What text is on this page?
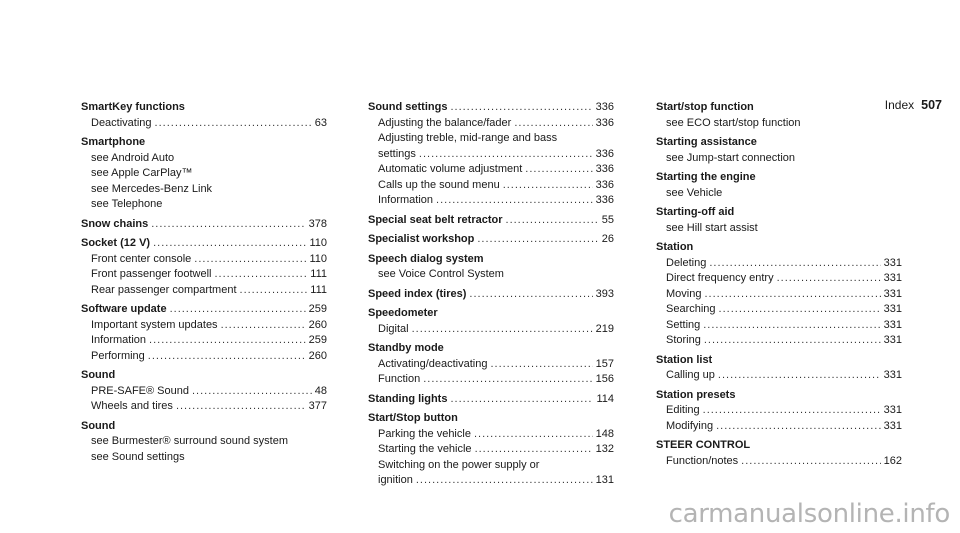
Index 507
SmartKey functions
Deactivating .....	63
Smartphone
see Android Auto
see Apple CarPlay™
see Mercedes-Benz Link
see Telephone
Snow chains .....	378
Socket (12 V) .....	110
Front center console .....	110
Front passenger footwell .....	111
Rear passenger compartment .....	111
Software update .....	259
Important system updates .....	260
Information .....	259
Performing .....	260
Sound
PRE-SAFE® Sound .....	48
Wheels and tires .....	377
Sound
see Burmester® surround sound system
see Sound settings
Sound settings .....	336
Adjusting the balance/fader .....	336
Adjusting treble, mid-range and bass
settings .....	336
Automatic volume adjustment .....	336
Calls up the sound menu .....	336
Information .....	336
Special seat belt retractor .....	55
Specialist workshop .....	26
Speech dialog system
see Voice Control System
Speed index (tires) .....	393
Speedometer
Digital .....	219
Standby mode
Activating/deactivating .....	157
Function .....	156
Standing lights .....	114
Start/Stop button
Parking the vehicle .....	148
Starting the vehicle .....	132
Switching on the power supply or
ignition .....	131
Start/stop function
see ECO start/stop function
Starting assistance
see Jump-start connection
Starting the engine
see Vehicle
Starting-off aid
see Hill start assist
Station
Deleting .....	331
Direct frequency entry .....	331
Moving .....	331
Searching .....	331
Setting .....	331
Storing .....	331
Station list
Calling up .....	331
Station presets
Editing .....	331
Modifying .....	331
STEER CONTROL
Function/notes .....	162
carmanualsonline.info
